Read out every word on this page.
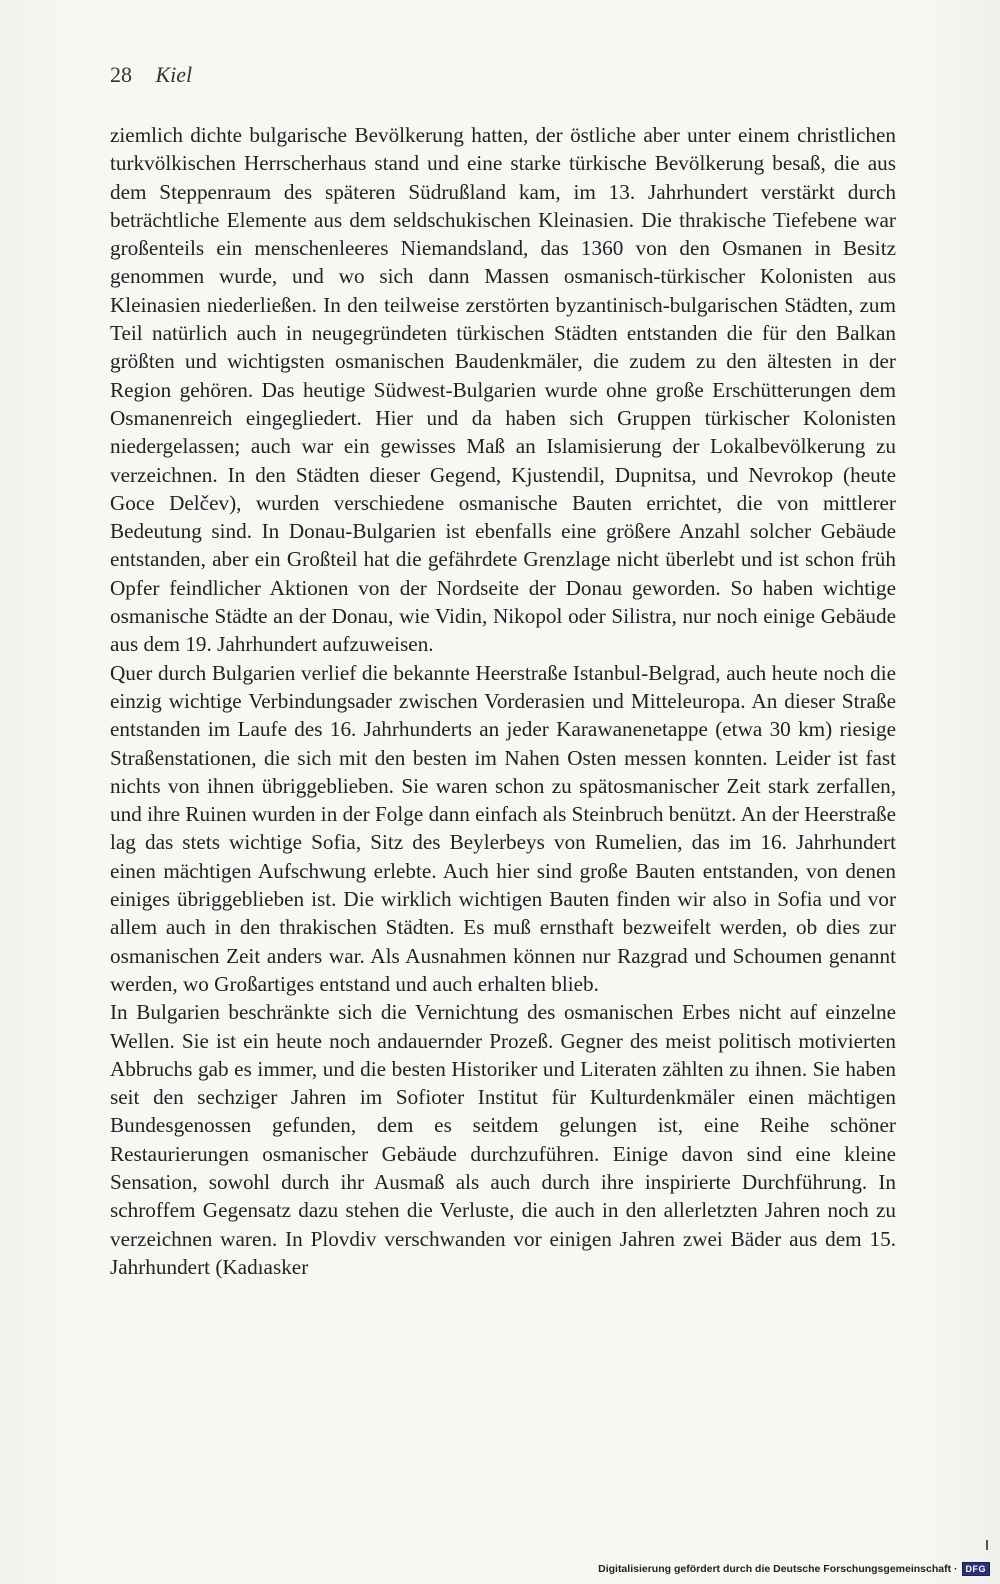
28 Kiel

ziemlich dichte bulgarische Bevölkerung hatten, der östliche aber unter einem christlichen turkvölkischen Herrscherhaus stand und eine starke türkische Bevölkerung besaß, die aus dem Steppenraum des späteren Südrußland kam, im 13. Jahrhundert verstärkt durch beträchtliche Elemente aus dem seldschukischen Kleinasien. Die thrakische Tiefebene war großenteils ein menschenleeres Niemandsland, das 1360 von den Osmanen in Besitz genommen wurde, und wo sich dann Massen osmanisch-türkischer Kolonisten aus Kleinasien niederließen. In den teilweise zerstörten byzantinisch-bulgarischen Städten, zum Teil natürlich auch in neugegründeten türkischen Städten entstanden die für den Balkan größten und wichtigsten osmanischen Baudenkmäler, die zudem zu den ältesten in der Region gehören. Das heutige Südwest-Bulgarien wurde ohne große Erschütterungen dem Osmanenreich eingegliedert. Hier und da haben sich Gruppen türkischer Kolonisten niedergelassen; auch war ein gewisses Maß an Islamisierung der Lokalbevölkerung zu verzeichnen. In den Städten dieser Gegend, Kjustendil, Dupnitsa, und Nevrokop (heute Goce Delčev), wurden verschiedene osmanische Bauten errichtet, die von mittlerer Bedeutung sind. In Donau-Bulgarien ist ebenfalls eine größere Anzahl solcher Gebäude entstanden, aber ein Großteil hat die gefährdete Grenzlage nicht überlebt und ist schon früh Opfer feindlicher Aktionen von der Nordseite der Donau geworden. So haben wichtige osmanische Städte an der Donau, wie Vidin, Nikopol oder Silistra, nur noch einige Gebäude aus dem 19. Jahrhundert aufzuweisen.

Quer durch Bulgarien verlief die bekannte Heerstraße Istanbul-Belgrad, auch heute noch die einzig wichtige Verbindungsader zwischen Vorderasien und Mitteleuropa. An dieser Straße entstanden im Laufe des 16. Jahrhunderts an jeder Karawanenetappe (etwa 30 km) riesige Straßenstationen, die sich mit den besten im Nahen Osten messen konnten. Leider ist fast nichts von ihnen übriggeblieben. Sie waren schon zu spätosmanischer Zeit stark zerfallen, und ihre Ruinen wurden in der Folge dann einfach als Steinbruch benützt. An der Heerstraße lag das stets wichtige Sofia, Sitz des Beylerbeys von Rumelien, das im 16. Jahrhundert einen mächtigen Aufschwung erlebte. Auch hier sind große Bauten entstanden, von denen einiges übriggeblieben ist. Die wirklich wichtigen Bauten finden wir also in Sofia und vor allem auch in den thrakischen Städten. Es muß ernsthaft bezweifelt werden, ob dies zur osmanischen Zeit anders war. Als Ausnahmen können nur Razgrad und Schoumen genannt werden, wo Großartiges entstand und auch erhalten blieb.

In Bulgarien beschränkte sich die Vernichtung des osmanischen Erbes nicht auf einzelne Wellen. Sie ist ein heute noch andauernder Prozeß. Gegner des meist politisch motivierten Abbruchs gab es immer, und die besten Historiker und Literaten zählten zu ihnen. Sie haben seit den sechziger Jahren im Sofioter Institut für Kulturdenkmäler einen mächtigen Bundesgenossen gefunden, dem es seitdem gelungen ist, eine Reihe schöner Restaurierungen osmanischer Gebäude durchzuführen. Einige davon sind eine kleine Sensation, sowohl durch ihr Ausmaß als auch durch ihre inspirierte Durchführung. In schroffem Gegensatz dazu stehen die Verluste, die auch in den allerletzten Jahren noch zu verzeichnen waren. In Plovdiv verschwanden vor einigen Jahren zwei Bäder aus dem 15. Jahrhundert (Kadıasker

Digitalisierung gefördert durch die Deutsche Forschungsgemeinschaft · DFG
